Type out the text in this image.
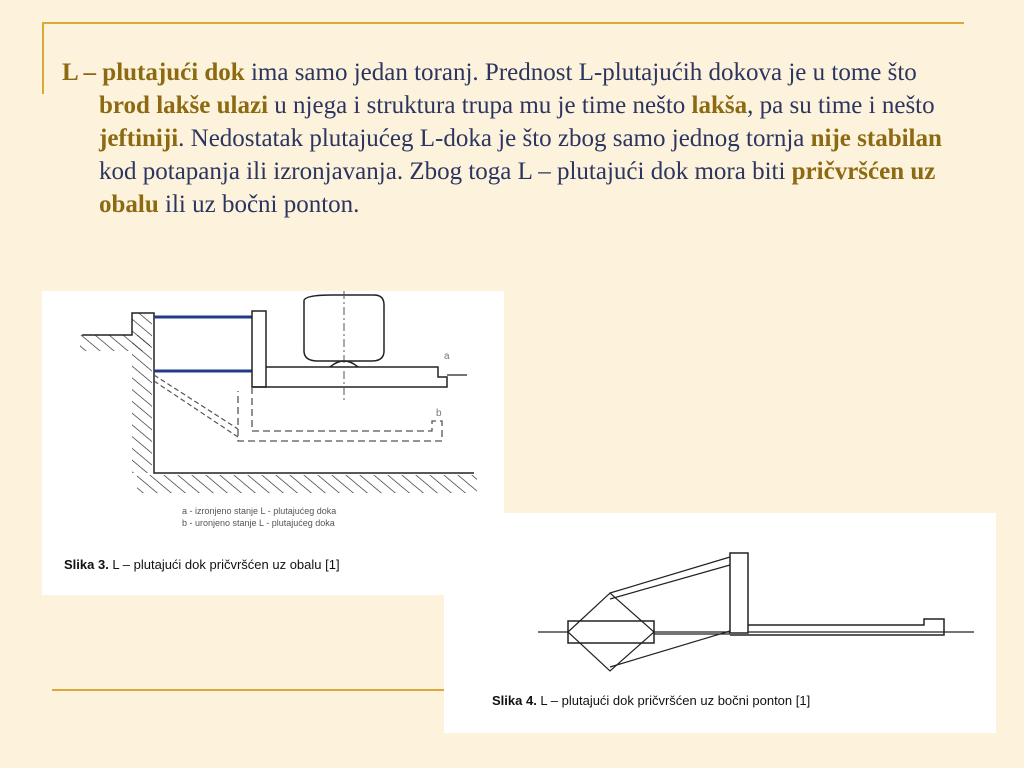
L – plutajući dok ima samo jedan toranj. Prednost L-plutajućih dokova je u tome što brod lakše ulazi u njega i struktura trupa mu je time nešto lakša, pa su time i nešto jeftiniji. Nedostatak plutajućeg L-doka je što zbog samo jednog tornja nije stabilan kod potapanja ili izronjavanja. Zbog toga L – plutajući dok mora biti pričvršćen uz obalu ili uz bočni ponton.

a
b
a - izronjeno stanje L - plutajućeg doka
b - uronjeno stanje L - plutajućeg doka
Slika 3. L – plutajući dok pričvršćen uz obalu [1]
Slika 4. L – plutajući dok pričvršćen uz bočni ponton [1]
